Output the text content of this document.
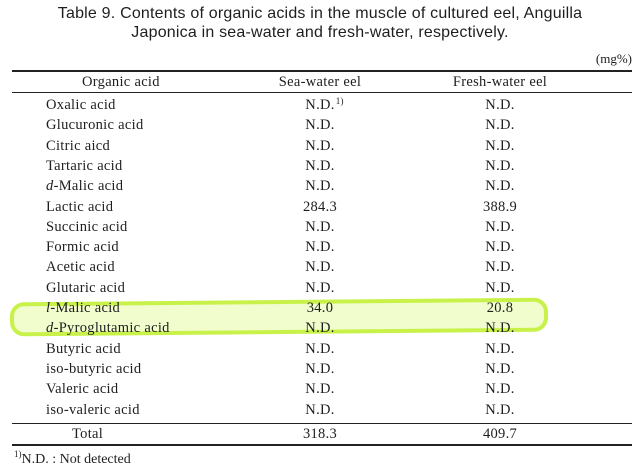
Table 9. Contents of organic acids in the muscle of cultured eel, Anguilla
Japonica in sea-water and fresh-water, respectively.
(mg%)
Organic acid	Sea-water eel	Fresh-water eel
Oxalic acid	N.D. 1)	N.D.
Glucuronic acid	N.D.	N.D.
Citric aicd	N.D.	N.D.
Tartaric acid	N.D.	N.D.
d-Malic acid	N.D.	N.D.
Lactic acid	284.3	388.9
Succinic acid	N.D.	N.D.
Formic acid	N.D.	N.D.
Acetic acid	N.D.	N.D.
Glutaric acid	N.D.	N.D.
l-Malic acid	34.0	20.8
d-Pyroglutamic acid	N.D.	N.D.
Butyric acid	N.D.	N.D.
iso-butyric acid	N.D.	N.D.
Valeric acid	N.D.	N.D.
iso-valeric acid	N.D.	N.D.
Total	318.3	409.7
$^{1)}$N.D. : Not detected
